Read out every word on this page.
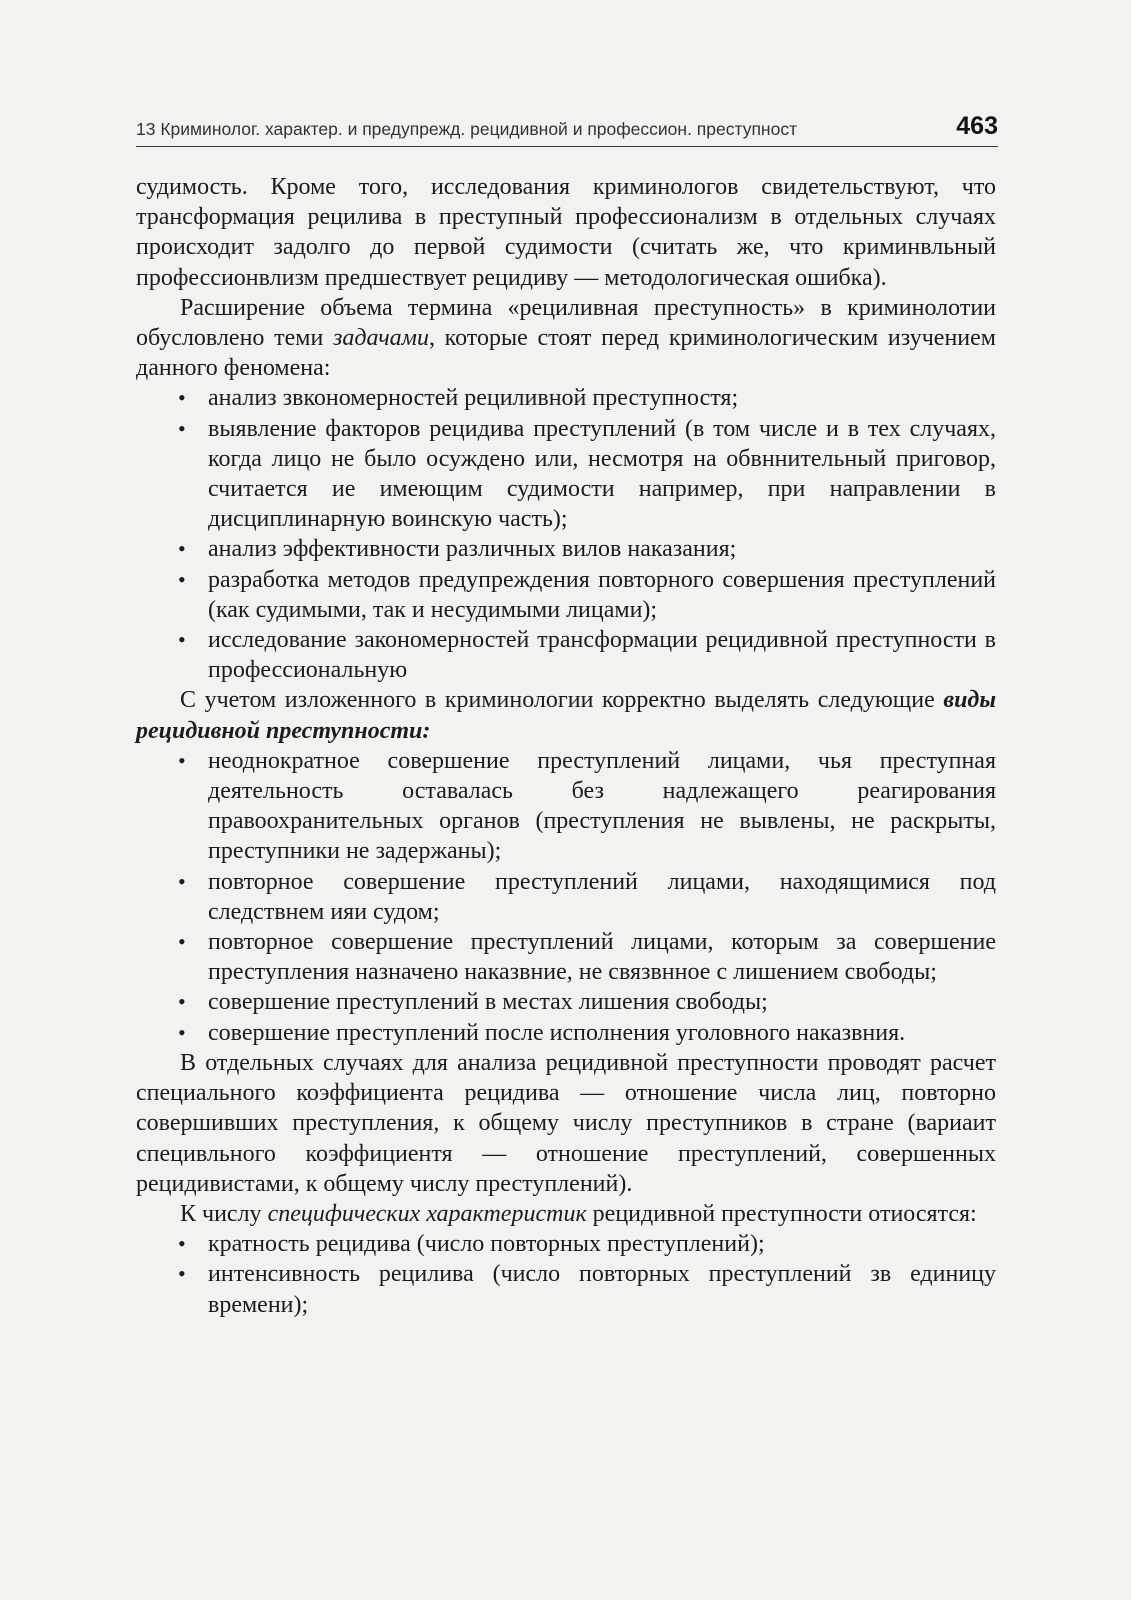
13 Криминолог. характер. и предупрежд. рецидивной и профессион. преступност	463

судимость. Кроме того, исследования криминологов свидетельствуют, что трансформация рецилива в преступный профессионализм в отдельных случаях происходит задолго до первой судимости (считать же, что криминвльный профессионвлизм предшествует рецидиву — методологическая ошибка).

Расширение объема термина «рециливная преступность» в криминолотии обусловлено теми задачами, которые стоят перед криминологическим изучением данного феномена:

• анализ звкономерностей рециливной преступностя;
• выявление факторов рецидива преступлений (в том числе и в тех случаях, когда лицо не было осуждено или, несмотря на обвннительный приговор, считается ие имеющим судимости например, при направлении в дисциплинарную воинскую часть);
• анализ эффективности различных вилов наказания;
• разработка методов предупреждения повторного совершения преступлений (как судимыми, так и несудимыми лицами);
• исследование закономерностей трансформации рецидивной преступности в профессиональную

С учетом изложенного в криминологии корректно выделять следующие виды рецидивной преступности:

• неоднократное совершение преступлений лицами, чья преступная деятельность оставалась без надлежащего реагирования правоохранительных органов (преступления не вывлены, не раскрыты, преступники не задержаны);
• повторное совершение преступлений лицами, находящимися под следствнем ияи судом;
• повторное совершение преступлений лицами, которым за совершение преступления назначено наказвние, не связвнное с лишением свободы;
• совершение преступлений в местах лишения свободы;
• совершение преступлений после исполнения уголовного наказвния.

В отдельных случаях для анализа рецидивной преступности проводят расчет специального коэффициента рецидива — отношение числа лиц, повторно совершивших преступления, к общему числу преступников в стране (вариаит специвльного коэффициентя — отношение преступлений, совершенных рецидивистами, к общему числу преступлений).

К числу специфических характеристик рецидивной преступности отиосятся:

• кратность рецидива (число повторных преступлений);
• интенсивность рецилива (число повторных преступлений зв единицу времени);
